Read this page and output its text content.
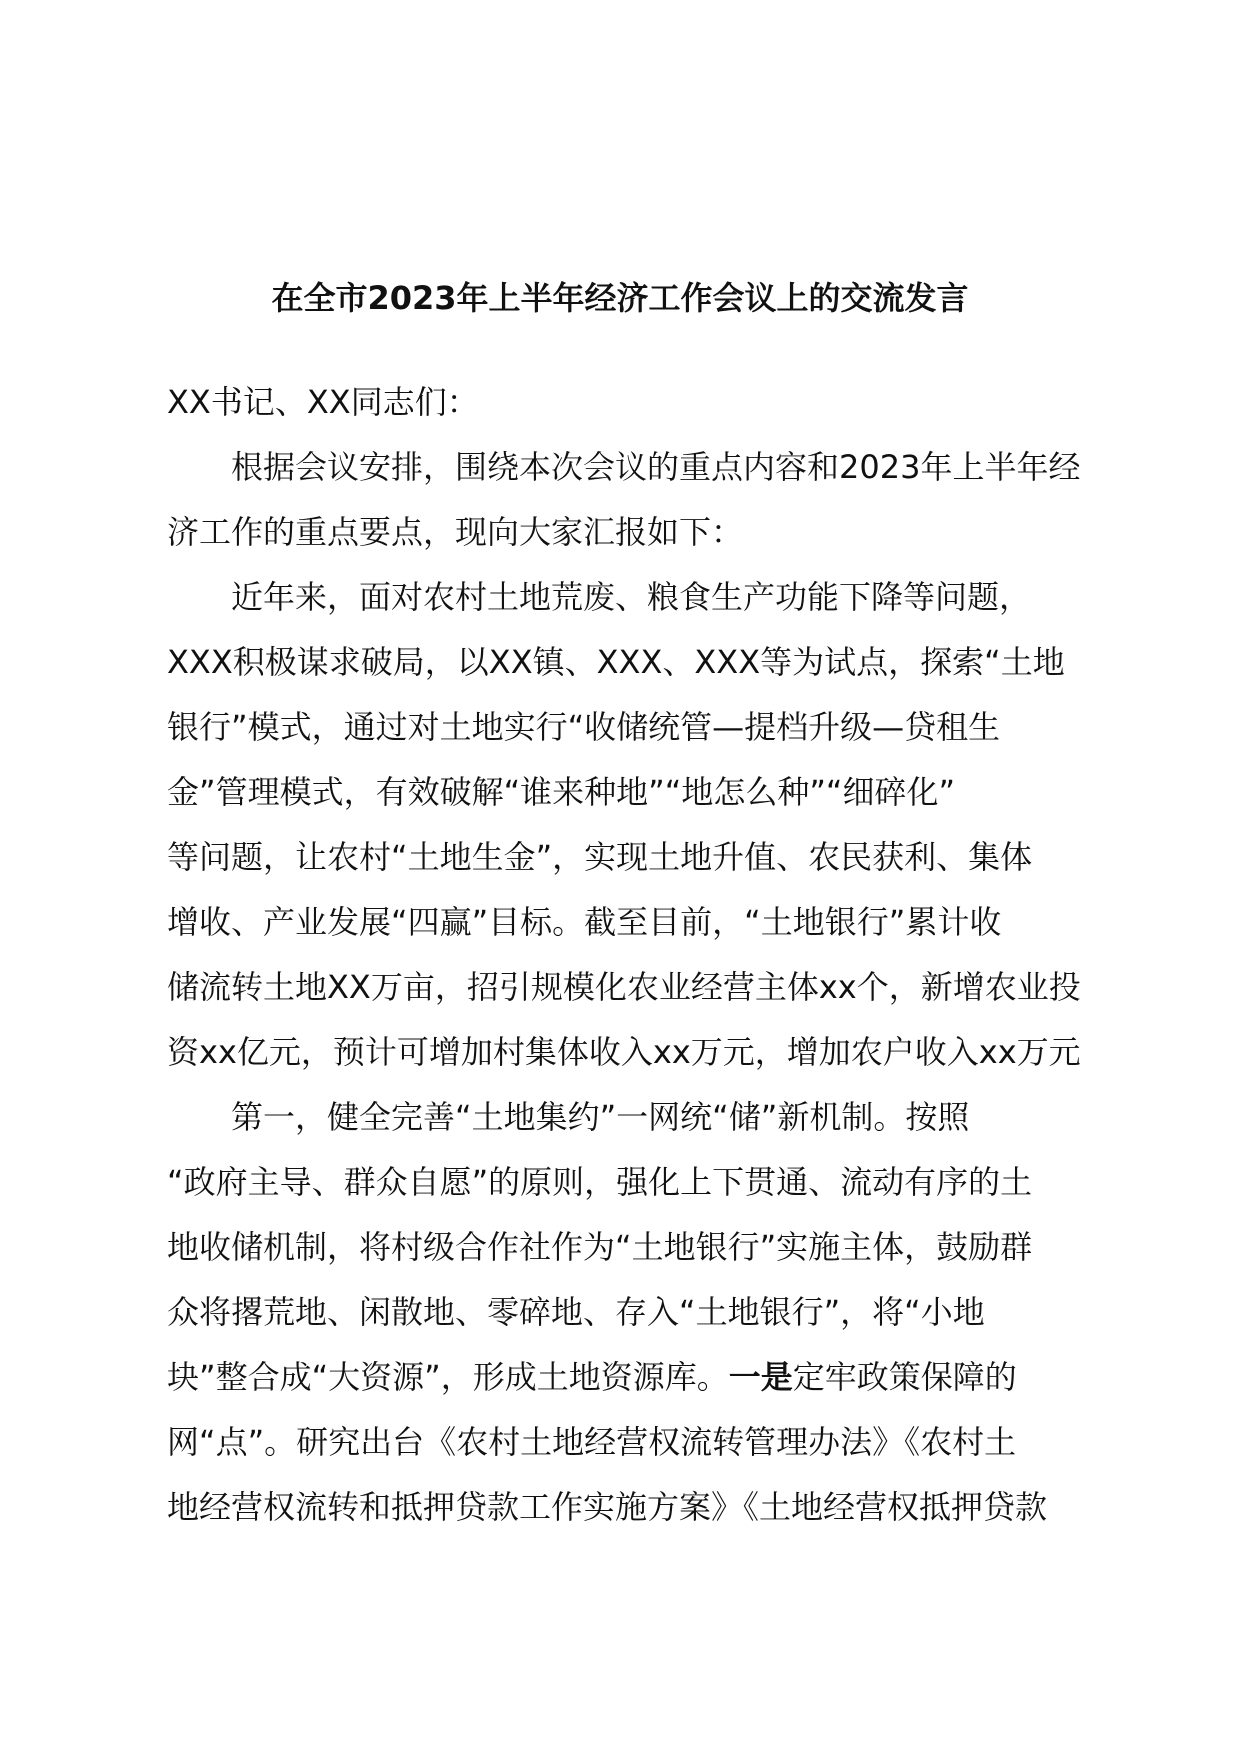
在全市2023年上半年经济工作会议上的交流发言
XX书记、XX同志们：
根据会议安排，围绕本次会议的重点内容和2023年上半年经
济工作的重点要点，现向大家汇报如下：
近年来，面对农村土地荒废、粮食生产功能下降等问题，
XXX积极谋求破局，以XX镇、XXX、XXX等为试点，探索“土地
银行”模式，通过对土地实行“收储统管—提档升级—贷租生
金”管理模式，有效破解“谁来种地”“地怎么种”“细碎化”
等问题，让农村“土地生金”，实现土地升值、农民获利、集体
增收、产业发展“四赢”目标。截至目前，“土地银行”累计收
储流转土地XX万亩，招引规模化农业经营主体xx个，新增农业投
资xx亿元，预计可增加村集体收入xx万元，增加农户收入xx万元
第一，健全完善“土地集约”一网统“储”新机制。按照
“政府主导、群众自愿”的原则，强化上下贯通、流动有序的土
地收储机制，将村级合作社作为“土地银行”实施主体，鼓励群
众将撂荒地、闲散地、零碎地、存入“土地银行”，将“小地
块”整合成“大资源”，形成土地资源库。一是定牢政策保障的
网“点”。研究出台《农村土地经营权流转管理办法》《农村土
地经营权流转和抵押贷款工作实施方案》《土地经营权抵押贷款
